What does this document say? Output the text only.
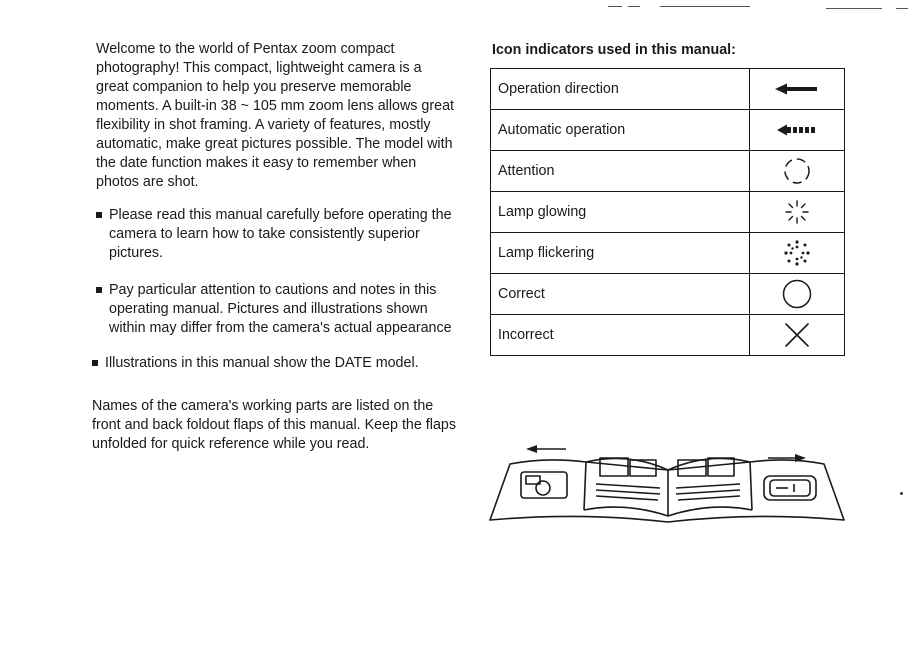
Welcome to the world of Pentax zoom compact photography! This compact, lightweight camera is a great companion to help you preserve memorable moments. A built-in 38 ~ 105 mm zoom lens allows great flexibility in shot framing. A variety of features, mostly automatic, make great pictures possible. The model with the date function makes it easy to remember when photos are shot.

Please read this manual carefully before operating the camera to learn how to take consistently superior pictures.
Pay particular attention to cautions and notes in this operating manual. Pictures and illustrations shown within may differ from the camera's actual appearance
Illustrations in this manual show the DATE model.

Names of the camera's working parts are listed on the front and back foldout flaps of this manual. Keep the flaps unfolded for quick reference while you read.

Icon indicators used in this manual:

Operation direction	

Automatic operation	

Attention	

Lamp glowing	

Lamp flickering	

Correct	

Incorrect	
